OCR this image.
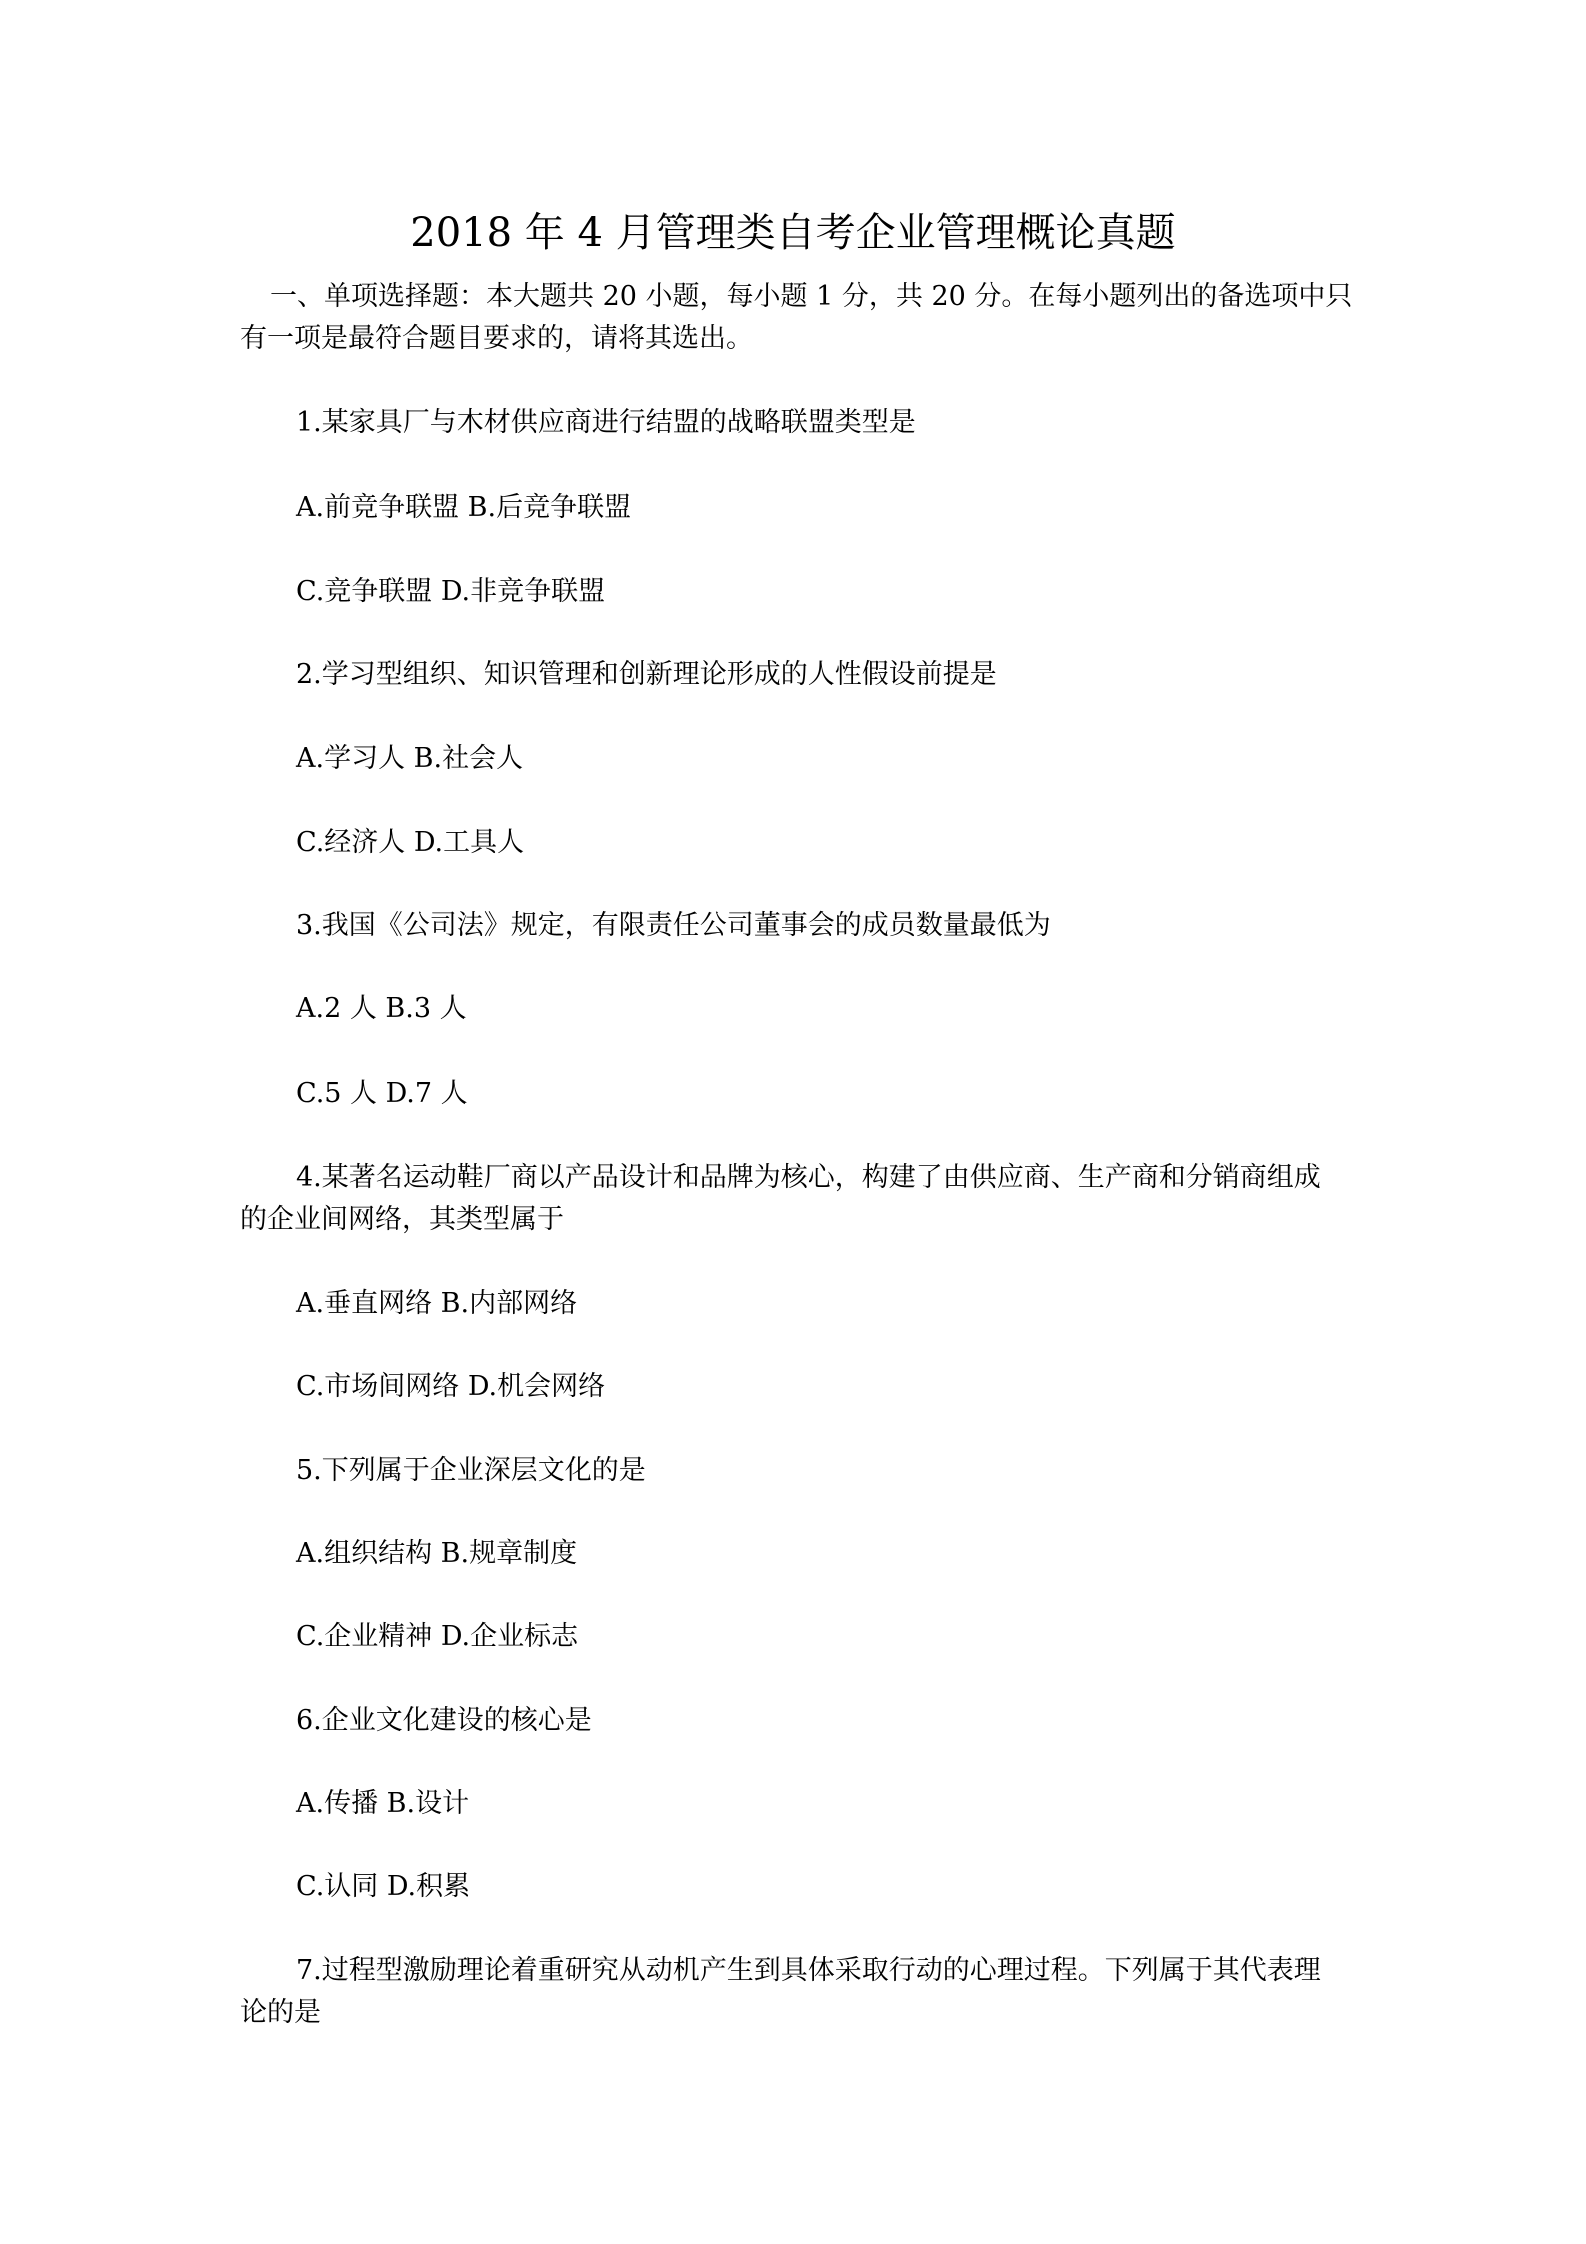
2018 年 4 月管理类自考企业管理概论真题
一、单项选择题：本大题共 20 小题，每小题 1 分，共 20 分。在每小题列出的备选项中只
有一项是最符合题目要求的，请将其选出。
1.某家具厂与木材供应商进行结盟的战略联盟类型是
A.前竞争联盟 B.后竞争联盟
C.竞争联盟 D.非竞争联盟
2.学习型组织、知识管理和创新理论形成的人性假设前提是
A.学习人 B.社会人
C.经济人 D.工具人
3.我国《公司法》规定，有限责任公司董事会的成员数量最低为
A.2 人 B.3 人
C.5 人 D.7 人
4.某著名运动鞋厂商以产品设计和品牌为核心，构建了由供应商、生产商和分销商组成
的企业间网络，其类型属于
A.垂直网络 B.内部网络
C.市场间网络 D.机会网络
5.下列属于企业深层文化的是
A.组织结构 B.规章制度
C.企业精神 D.企业标志
6.企业文化建设的核心是
A.传播 B.设计
C.认同 D.积累
7.过程型激励理论着重研究从动机产生到具体采取行动的心理过程。下列属于其代表理
论的是
